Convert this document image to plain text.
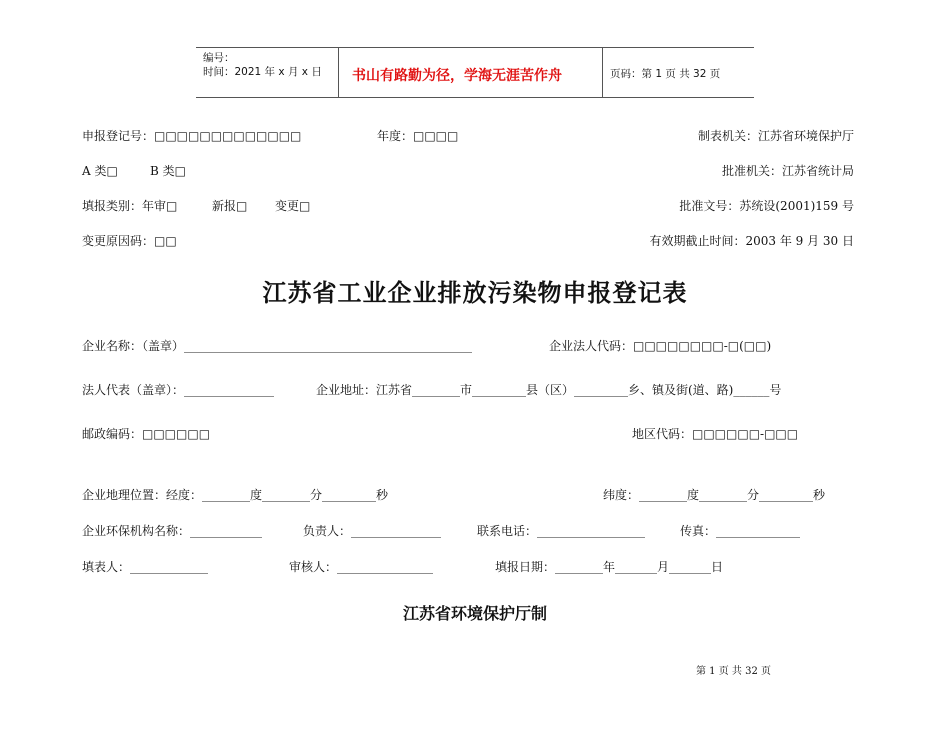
编号：
时间：2021 年 x 月 x 日 书山有路勤为径，学海无涯苦作舟	页码：第 1 页 共 32 页
申报登记号：□□□□□□□□□□□□□	年度：□□□□	制表机关：江苏省环境保护厅
A 类□	B 类□	批准机关：江苏省统计局
填报类别：年审□	新报□ 变更□	批准文号：苏统设(2001)159 号
变更原因码：□□	有效期截止时间：2003 年 9 月 30 日
江苏省工业企业排放污染物申报登记表
企业名称：（盖章）________________________________________________	企业法人代码：□□□□□□□□-□(□□)
法人代表（盖章）：_______________	企业地址：江苏省________市_________县（区）_________乡、镇及街(道、路)______号
邮政编码：□□□□□□	地区代码：□□□□□□-□□□
企业地理位置：经度：________度________分_________秒	纬度：________度________分_________秒
企业环保机构名称：____________	负责人：_______________	联系电话：__________________	传真：______________
填表人：_____________	审核人：________________	填报日期：________年_______月_______日
江苏省环境保护厅制
第 1 页 共 32 页
